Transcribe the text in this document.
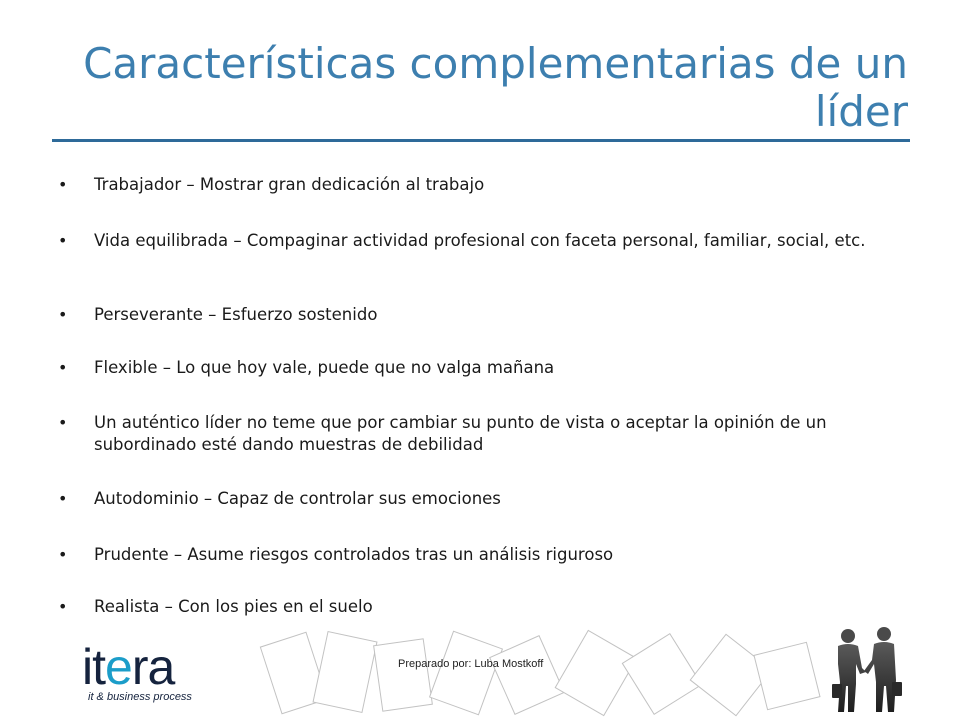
Características complementarias de un líder
•	Trabajador – Mostrar gran dedicación al trabajo
•	Vida equilibrada – Compaginar actividad profesional con faceta personal, familiar, social, etc.
•	Perseverante – Esfuerzo sostenido
•	Flexible – Lo que hoy vale, puede que no valga mañana
•	Un auténtico líder no teme que por cambiar su punto de vista o aceptar la opinión de un subordinado esté dando muestras de debilidad
•	Autodominio – Capaz de controlar sus emociones
•	Prudente – Asume riesgos controlados tras un análisis riguroso
•	Realista – Con los pies en el suelo
itera
it & business process
Preparado por: Luba Mostkoff
